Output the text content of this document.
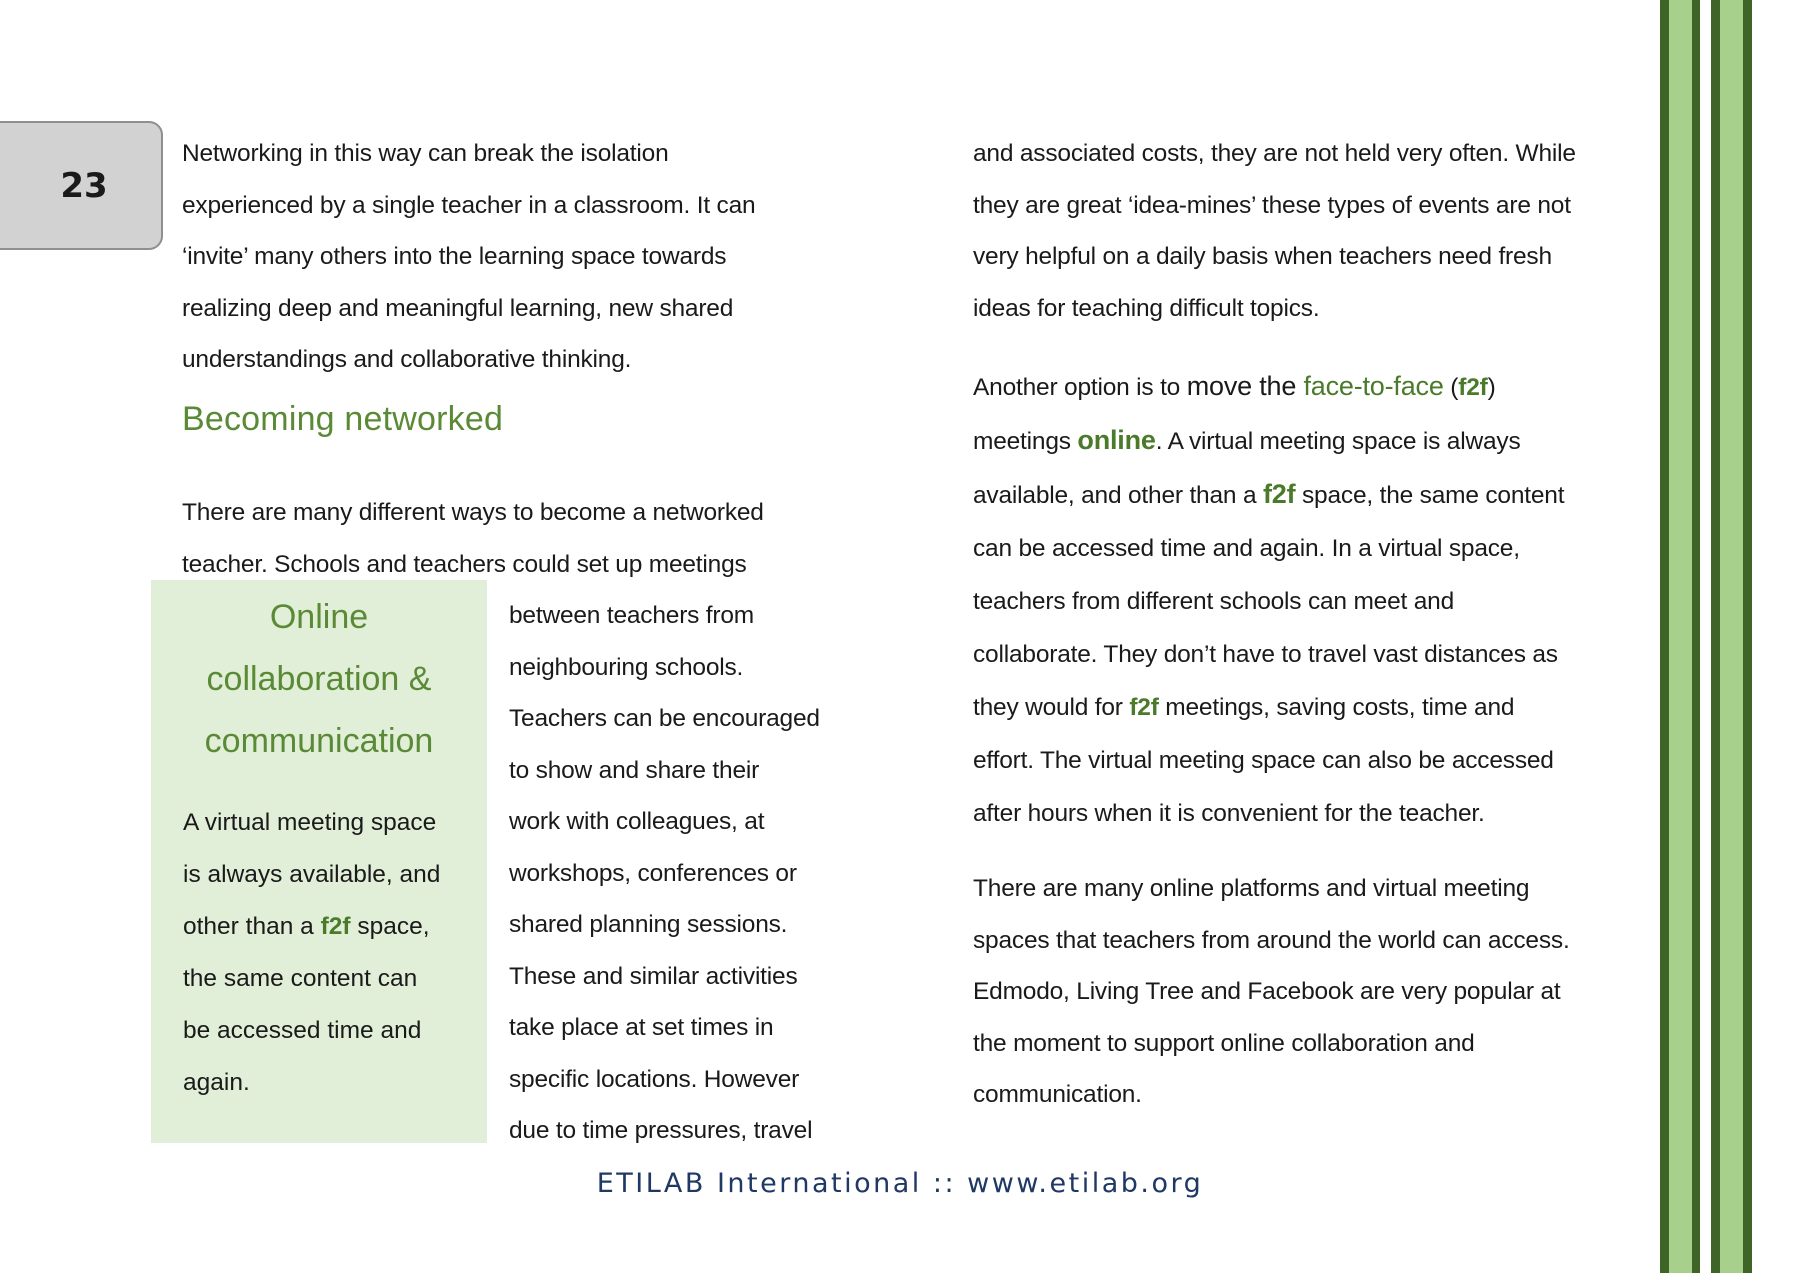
23
Networking in this way can break the isolation
experienced by a single teacher in a classroom. It can
‘invite’ many others into the learning space towards
realizing deep and meaningful learning, new shared
understandings and collaborative thinking.
Becoming networked
There are many different ways to become a networked
teacher. Schools and teachers could set up meetings
between teachers from
neighbouring schools.
Teachers can be encouraged
to show and share their
work with colleagues, at
workshops, conferences or
shared planning sessions.
These and similar activities
take place at set times in
specific locations. However
due to time pressures, travel
Online
collaboration &
communication
A virtual meeting space
is always available, and
other than a f2f space,
the same content can
be accessed time and
again.
and associated costs, they are not held very often. While
they are great ‘idea-mines’ these types of events are not
very helpful on a daily basis when teachers need fresh
ideas for teaching difficult topics.
Another option is to move the face-to-face (f2f)
meetings online. A virtual meeting space is always
available, and other than a f2f space, the same content
can be accessed time and again. In a virtual space,
teachers from different schools can meet and
collaborate. They don’t have to travel vast distances as
they would for f2f meetings, saving costs, time and
effort. The virtual meeting space can also be accessed
after hours when it is convenient for the teacher.
There are many online platforms and virtual meeting
spaces that teachers from around the world can access.
Edmodo, Living Tree and Facebook are very popular at
the moment to support online collaboration and
communication.
ETILAB International :: www.etilab.org
